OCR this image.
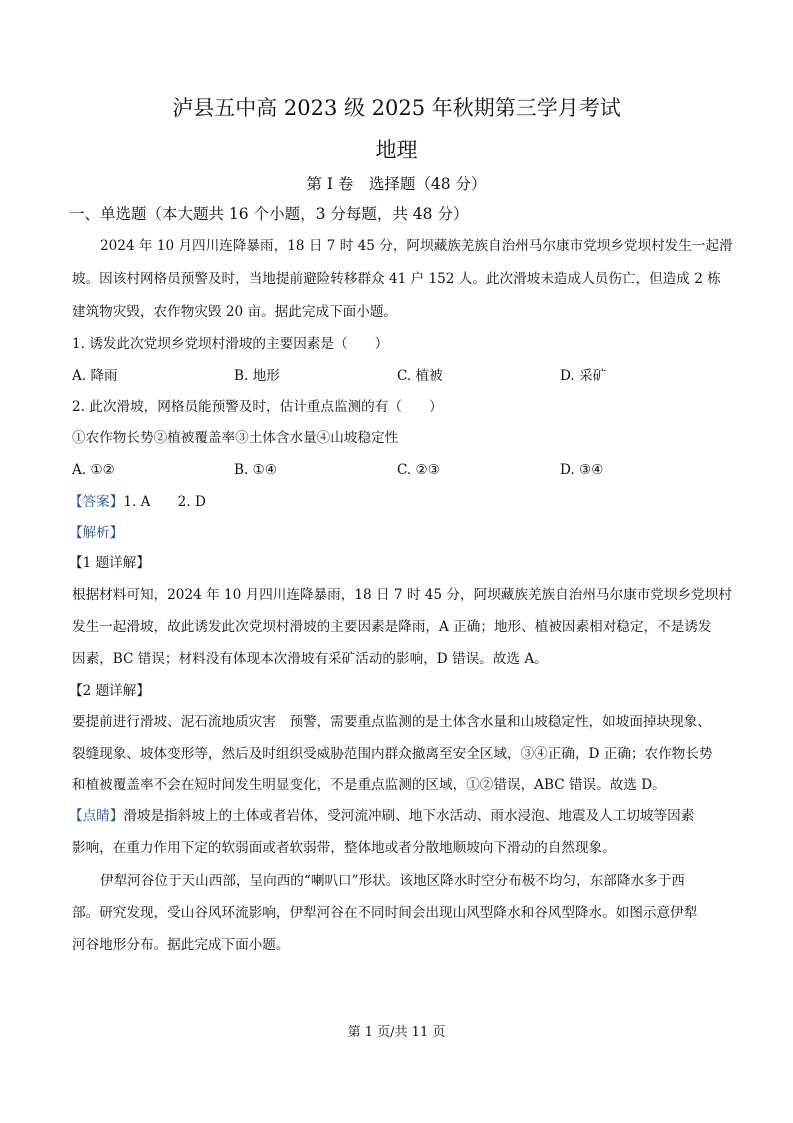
泸县五中高 2023 级 2025 年秋期第三学月考试
地理
第 I 卷　选择题（48 分）
一、单选题（本大题共 16 个小题，3 分每题，共 48 分）
2024 年 10 月四川连降暴雨，18 日 7 时 45 分，阿坝藏族羌族自治州马尔康市党坝乡党坝村发生一起滑
坡。因该村网格员预警及时，当地提前避险转移群众 41 户 152 人。此次滑坡未造成人员伤亡，但造成 2 栋
建筑物灾毁，农作物灾毁 20 亩。据此完成下面小题。
1. 诱发此次党坝乡党坝村滑坡的主要因素是（　　）
A. 降雨	B. 地形	C. 植被	D. 采矿
2. 此次滑坡，网格员能预警及时，估计重点监测的有（　　）
①农作物长势②植被覆盖率③土体含水量④山坡稳定性
A. ①②	B. ①④	C. ②③	D. ③④
【答案】1. A　　2. D
【解析】
【1 题详解】
根据材料可知，2024 年 10 月四川连降暴雨，18 日 7 时 45 分，阿坝藏族羌族自治州马尔康市党坝乡党坝村
发生一起滑坡，故此诱发此次党坝村滑坡的主要因素是降雨，A 正确；地形、植被因素相对稳定，不是诱发
因素，BC 错误；材料没有体现本次滑坡有采矿活动的影响，D 错误。故选 A。
【2 题详解】
要提前进行滑坡、泥石流地质灾害　预警，需要重点监测的是土体含水量和山坡稳定性，如坡面掉块现象、
裂缝现象、坡体变形等，然后及时组织受威胁范围内群众撤离至安全区域，③④正确，D 正确；农作物长势
和植被覆盖率不会在短时间发生明显变化，不是重点监测的区域，①②错误，ABC 错误。故选 D。
【点睛】滑坡是指斜坡上的土体或者岩体，受河流冲刷、地下水活动、雨水浸泡、地震及人工切坡等因素
影响，在重力作用下定的软弱面或者软弱带，整体地或者分散地顺坡向下滑动的自然现象。
伊犁河谷位于天山西部，呈向西的“喇叭口”形状。该地区降水时空分布极不均匀，东部降水多于西
部。研究发现，受山谷风环流影响，伊犁河谷在不同时间会出现山风型降水和谷风型降水。如图示意伊犁
河谷地形分布。据此完成下面小题。
第 1 页/共 11 页
